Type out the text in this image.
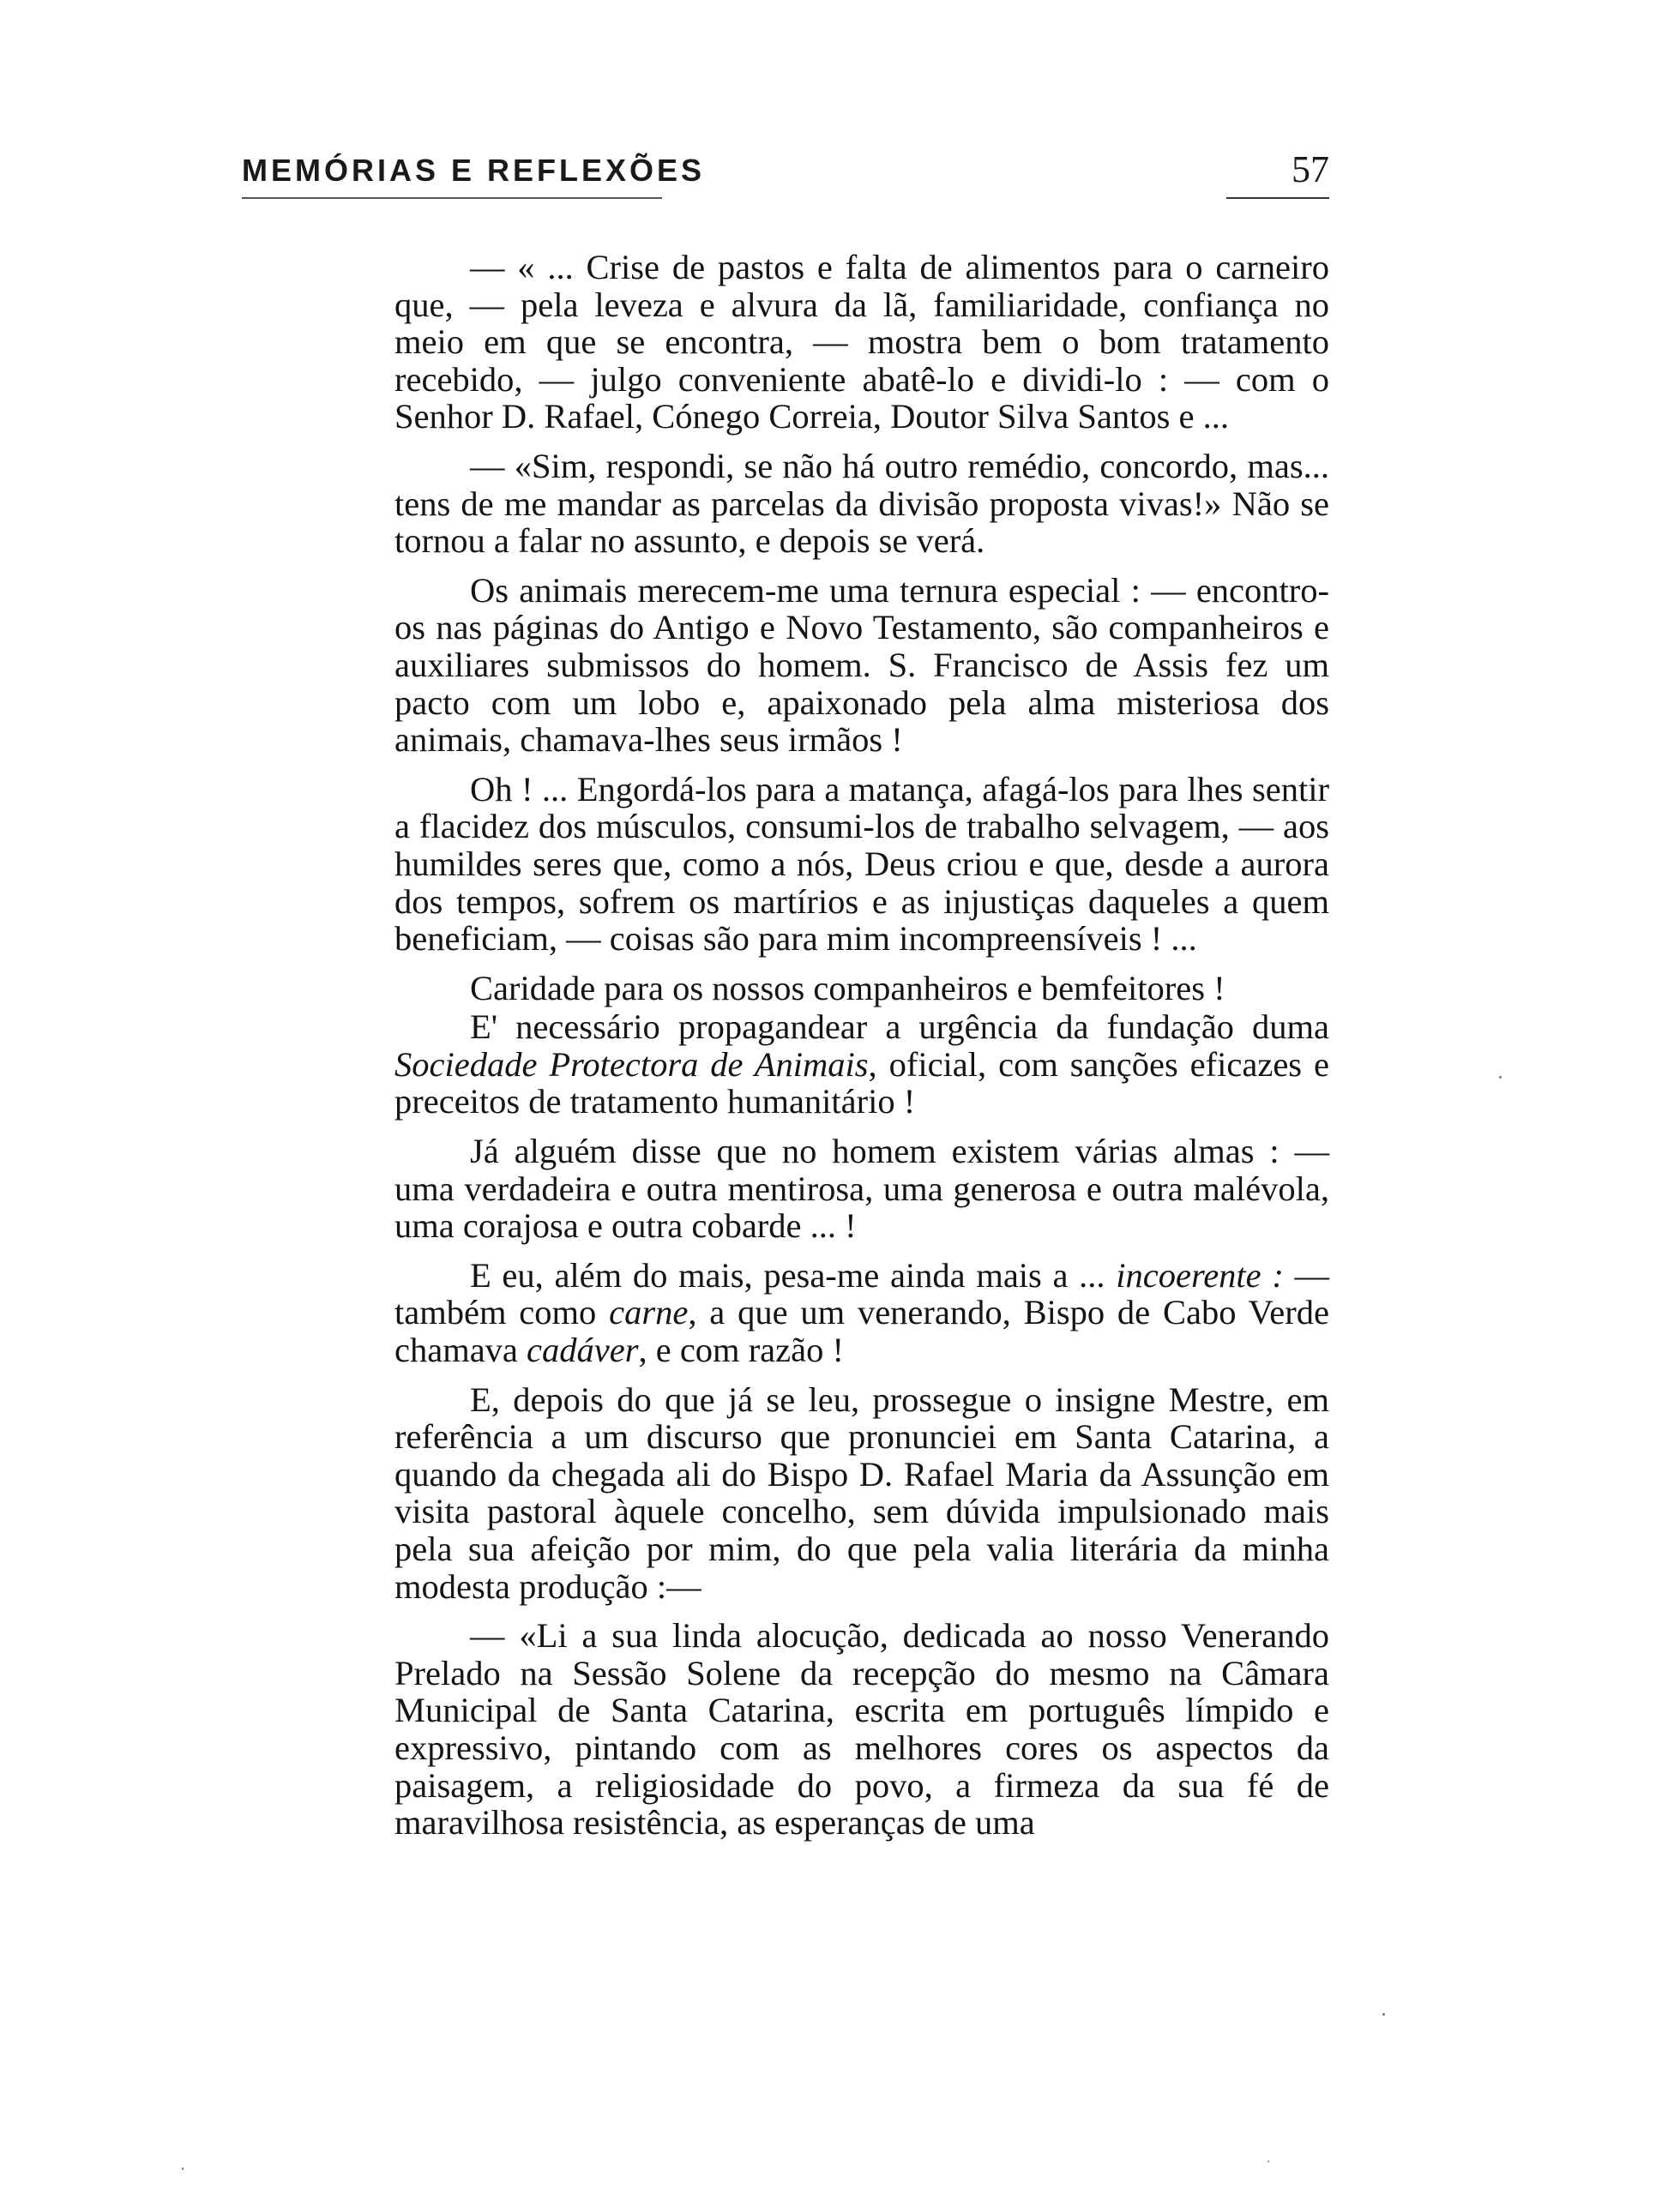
MEMÓRIAS E REFLEXÕES	57

— « ... Crise de pastos e falta de alimentos para o carneiro que, — pela leveza e alvura da lã, familiaridade, confiança no meio em que se encontra, — mostra bem o bom tratamento recebido, — julgo conveniente abatê-lo e dividi-lo : — com o Senhor D. Rafael, Cónego Correia, Doutor Silva Santos e ...

— «Sim, respondi, se não há outro remédio, concordo, mas... tens de me mandar as parcelas da divisão proposta vivas!» Não se tornou a falar no assunto, e depois se verá.

Os animais merecem-me uma ternura especial : — encontro-os nas páginas do Antigo e Novo Testamento, são companheiros e auxiliares submissos do homem. S. Francisco de Assis fez um pacto com um lobo e, apaixonado pela alma misteriosa dos animais, chamava-lhes seus irmãos !

Oh ! ... Engordá-los para a matança, afagá-los para lhes sentir a flacidez dos músculos, consumi-los de trabalho selvagem, — aos humildes seres que, como a nós, Deus criou e que, desde a aurora dos tempos, sofrem os martírios e as injustiças daqueles a quem beneficiam, — coisas são para mim incompreensíveis ! ...

Caridade para os nossos companheiros e bemfeitores !

E' necessário propagandear a urgência da fundação duma Sociedade Protectora de Animais, oficial, com sanções eficazes e preceitos de tratamento humanitário !

Já alguém disse que no homem existem várias almas : — uma verdadeira e outra mentirosa, uma generosa e outra malévola, uma corajosa e outra cobarde ... !

E eu, além do mais, pesa-me ainda mais a ... incoerente : — também como carne, a que um venerando, Bispo de Cabo Verde chamava cadáver, e com razão !

E, depois do que já se leu, prossegue o insigne Mestre, em referência a um discurso que pronunciei em Santa Catarina, a quando da chegada ali do Bispo D. Rafael Maria da Assunção em visita pastoral àquele concelho, sem dúvida impulsionado mais pela sua afeição por mim, do que pela valia literária da minha modesta produção :—

— «Li a sua linda alocução, dedicada ao nosso Venerando Prelado na Sessão Solene da recepção do mesmo na Câmara Municipal de Santa Catarina, escrita em português límpido e expressivo, pintando com as melhores cores os aspectos da paisagem, a religiosidade do povo, a firmeza da sua fé de maravilhosa resistência, as esperanças de uma
